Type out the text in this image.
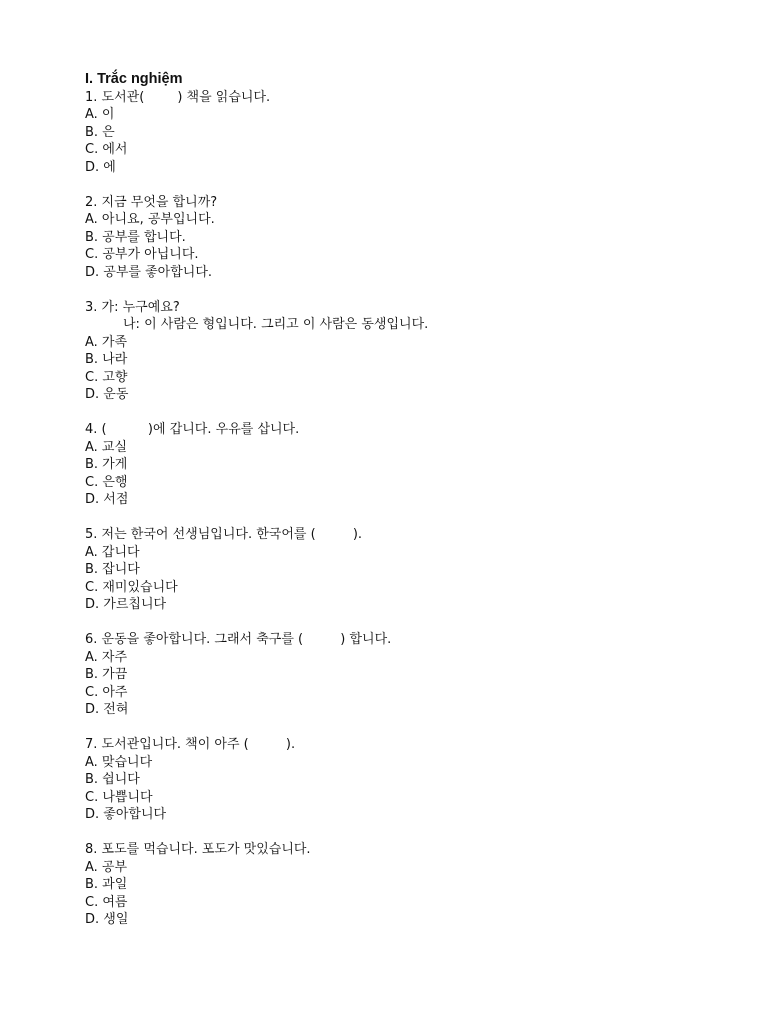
I. Trắc nghiệm
1. 도서관(        ) 책을 읽습니다.
A. 이
B. 은
C. 에서
D. 에
2. 지금 무엇을 합니까?
A. 아니요, 공부입니다.
B. 공부를 합니다.
C. 공부가 아닙니다.
D. 공부를 좋아합니다.
3. 가: 누구예요?
나: 이 사람은 형입니다. 그리고 이 사람은 동생입니다.
A. 가족
B. 나라
C. 고향
D. 운동
4. (          )에 갑니다. 우유를 삽니다.
A. 교실
B. 가게
C. 은행
D. 서점
5. 저는 한국어 선생님입니다. 한국어를 (         ).
A. 갑니다
B. 잡니다
C. 재미있습니다
D. 가르칩니다
6. 운동을 좋아합니다. 그래서 축구를 (         ) 합니다.
A. 자주
B. 가끔
C. 아주
D. 전혀
7. 도서관입니다. 책이 아주 (         ).
A. 맞습니다
B. 쉽니다
C. 나쁩니다
D. 좋아합니다
8. 포도를 먹습니다. 포도가 맛있습니다.
A. 공부
B. 과일
C. 여름
D. 생일
